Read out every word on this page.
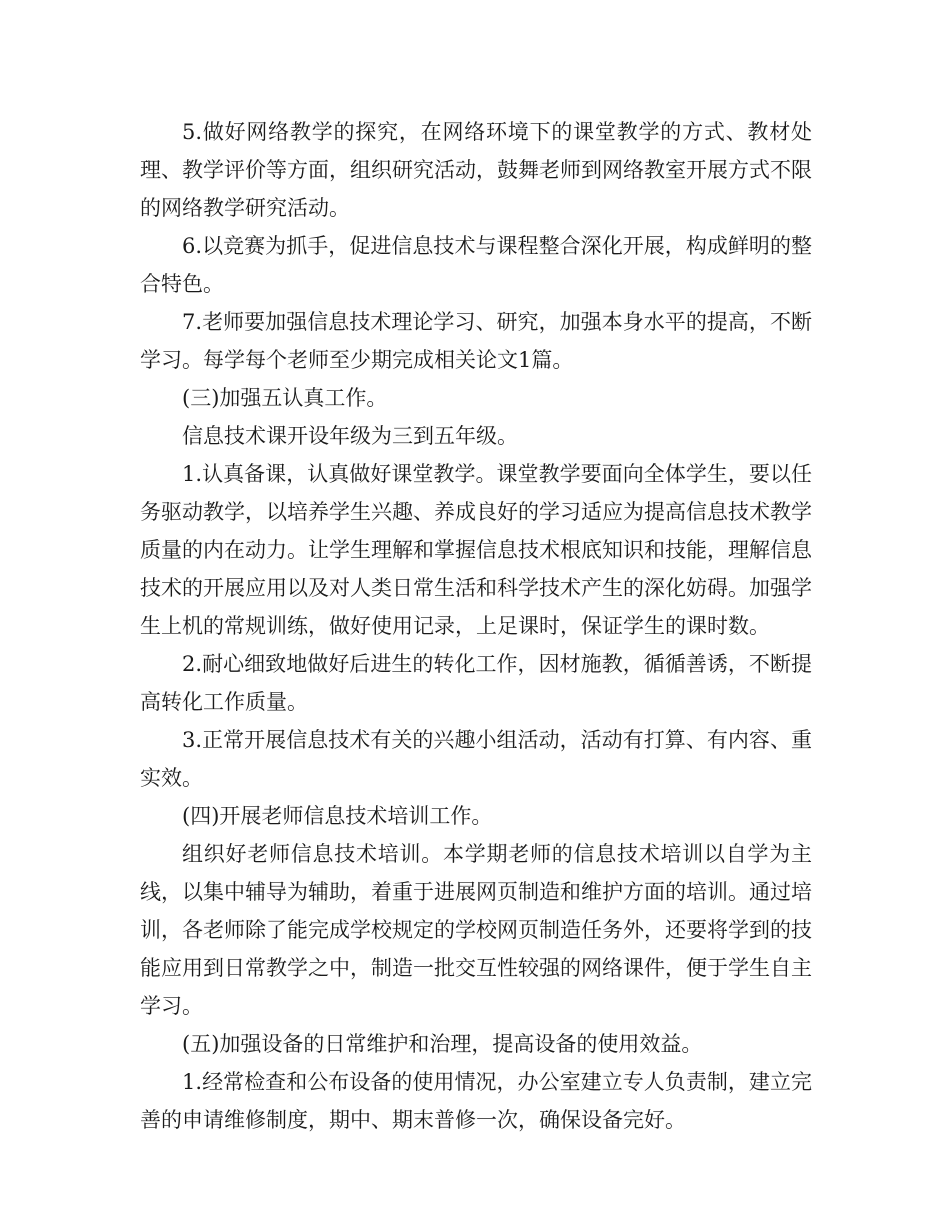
5.做好网络教学的探究，在网络环境下的课堂教学的方式、教材处理、教学评价等方面，组织研究活动，鼓舞老师到网络教室开展方式不限的网络教学研究活动。

6.以竞赛为抓手，促进信息技术与课程整合深化开展，构成鲜明的整合特色。

7.老师要加强信息技术理论学习、研究，加强本身水平的提高，不断学习。每学每个老师至少期完成相关论文1篇。

(三)加强五认真工作。

信息技术课开设年级为三到五年级。

1.认真备课，认真做好课堂教学。课堂教学要面向全体学生，要以任务驱动教学，以培养学生兴趣、养成良好的学习适应为提高信息技术教学质量的内在动力。让学生理解和掌握信息技术根底知识和技能，理解信息技术的开展应用以及对人类日常生活和科学技术产生的深化妨碍。加强学生上机的常规训练，做好使用记录，上足课时，保证学生的课时数。

2.耐心细致地做好后进生的转化工作，因材施教，循循善诱，不断提高转化工作质量。

3.正常开展信息技术有关的兴趣小组活动，活动有打算、有内容、重实效。

(四)开展老师信息技术培训工作。

组织好老师信息技术培训。本学期老师的信息技术培训以自学为主线，以集中辅导为辅助，着重于进展网页制造和维护方面的培训。通过培训，各老师除了能完成学校规定的学校网页制造任务外，还要将学到的技能应用到日常教学之中，制造一批交互性较强的网络课件，便于学生自主学习。

(五)加强设备的日常维护和治理，提高设备的使用效益。

1.经常检查和公布设备的使用情况，办公室建立专人负责制，建立完善的申请维修制度，期中、期末普修一次，确保设备完好。
